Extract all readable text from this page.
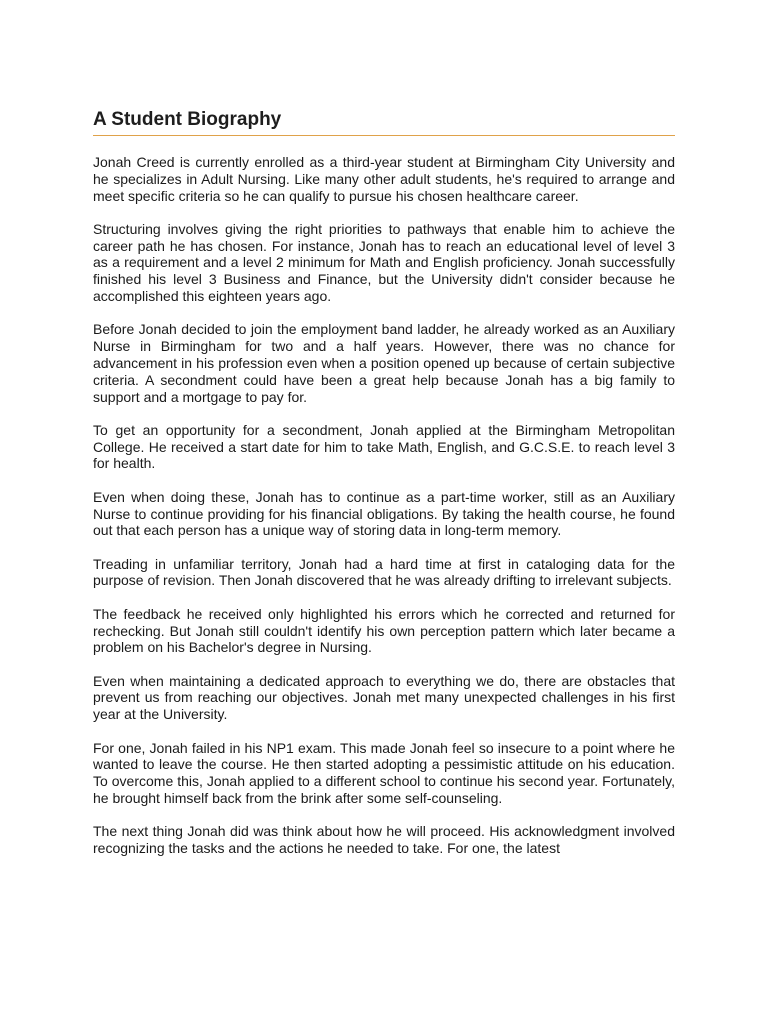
A Student Biography

Jonah Creed is currently enrolled as a third-year student at Birmingham City University and he specializes in Adult Nursing. Like many other adult students, he's required to arrange and meet specific criteria so he can qualify to pursue his chosen healthcare career.

Structuring involves giving the right priorities to pathways that enable him to achieve the career path he has chosen. For instance, Jonah has to reach an educational level of level 3 as a requirement and a level 2 minimum for Math and English proficiency. Jonah successfully finished his level 3 Business and Finance, but the University didn't consider because he accomplished this eighteen years ago.

Before Jonah decided to join the employment band ladder, he already worked as an Auxiliary Nurse in Birmingham for two and a half years. However, there was no chance for advancement in his profession even when a position opened up because of certain subjective criteria. A secondment could have been a great help because Jonah has a big family to support and a mortgage to pay for.

To get an opportunity for a secondment, Jonah applied at the Birmingham Metropolitan College. He received a start date for him to take Math, English, and G.C.S.E. to reach level 3 for health.

Even when doing these, Jonah has to continue as a part-time worker, still as an Auxiliary Nurse to continue providing for his financial obligations. By taking the health course, he found out that each person has a unique way of storing data in long-term memory.

Treading in unfamiliar territory, Jonah had a hard time at first in cataloging data for the purpose of revision. Then Jonah discovered that he was already drifting to irrelevant subjects.

The feedback he received only highlighted his errors which he corrected and returned for rechecking. But Jonah still couldn't identify his own perception pattern which later became a problem on his Bachelor's degree in Nursing.

Even when maintaining a dedicated approach to everything we do, there are obstacles that prevent us from reaching our objectives. Jonah met many unexpected challenges in his first year at the University.

For one, Jonah failed in his NP1 exam. This made Jonah feel so insecure to a point where he wanted to leave the course. He then started adopting a pessimistic attitude on his education. To overcome this, Jonah applied to a different school to continue his second year. Fortunately, he brought himself back from the brink after some self-counseling.

The next thing Jonah did was think about how he will proceed. His acknowledgment involved recognizing the tasks and the actions he needed to take. For one, the latest
